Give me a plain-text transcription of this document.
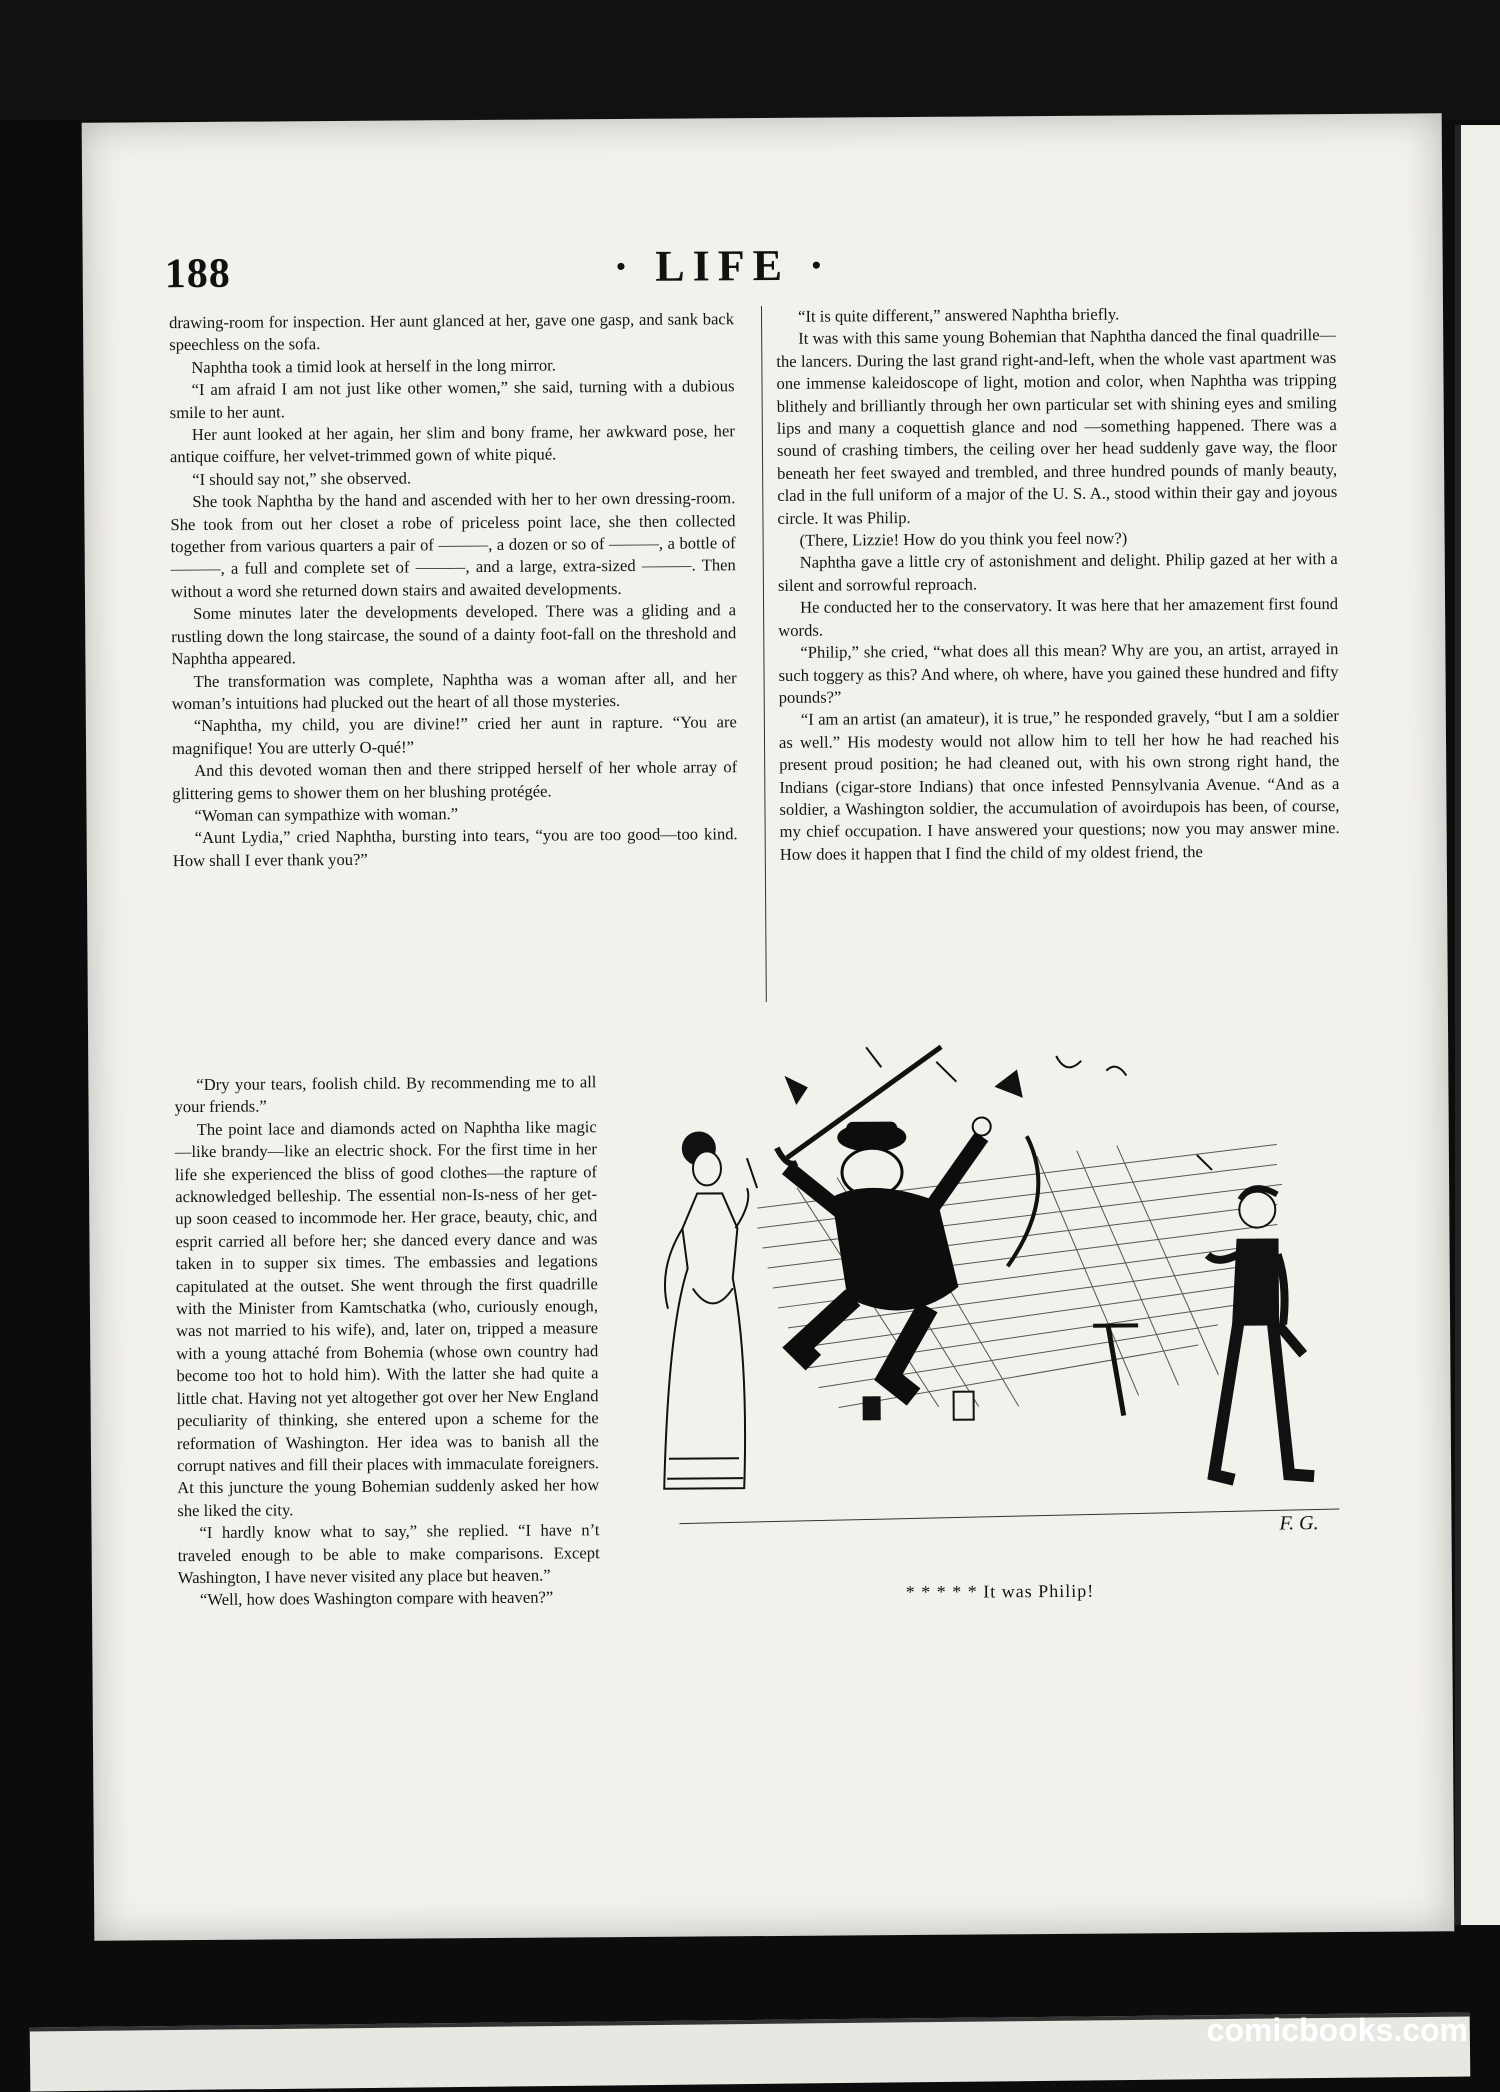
188	· LIFE ·

drawing-room for inspection. Her aunt glanced at her, gave one gasp, and sank back speechless on the sofa.

Naphtha took a timid look at herself in the long mirror.

“I am afraid I am not just like other women,” she said, turning with a dubious smile to her aunt.

Her aunt looked at her again, her slim and bony frame, her awkward pose, her antique coiffure, her velvet-trimmed gown of white piqué.

“I should say not,” she observed.

She took Naphtha by the hand and ascended with her to her own dressing-room. She took from out her closet a robe of priceless point lace, she then collected together from various quarters a pair of ———, a dozen or so of ———, a bottle of ———, a full and complete set of ———, and a large, extra-sized ———. Then without a word she returned down stairs and awaited developments.

Some minutes later the developments developed. There was a gliding and a rustling down the long staircase, the sound of a dainty foot-fall on the threshold and Naphtha appeared.

The transformation was complete, Naphtha was a woman after all, and her woman’s intuitions had plucked out the heart of all those mysteries.

“Naphtha, my child, you are divine!” cried her aunt in rapture. “You are magnifique! You are utterly O-qué!”

And this devoted woman then and there stripped herself of her whole array of glittering gems to shower them on her blushing protégée.

“Woman can sympathize with woman.”

“Aunt Lydia,” cried Naphtha, bursting into tears, “you are too good—too kind. How shall I ever thank you?”

“It is quite different,” answered Naphtha briefly.

It was with this same young Bohemian that Naphtha danced the final quadrille—the lancers. During the last grand right-and-left, when the whole vast apartment was one immense kaleidoscope of light, motion and color, when Naphtha was tripping blithely and brilliantly through her own particular set with shining eyes and smiling lips and many a coquettish glance and nod —something happened. There was a sound of crashing timbers, the ceiling over her head suddenly gave way, the floor beneath her feet swayed and trembled, and three hundred pounds of manly beauty, clad in the full uniform of a major of the U. S. A., stood within their gay and joyous circle. It was Philip.

(There, Lizzie! How do you think you feel now?)

Naphtha gave a little cry of astonishment and delight. Philip gazed at her with a silent and sorrowful reproach.

He conducted her to the conservatory. It was here that her amazement first found words.

“Philip,” she cried, “what does all this mean? Why are you, an artist, arrayed in such toggery as this? And where, oh where, have you gained these hundred and fifty pounds?”

“I am an artist (an amateur), it is true,” he responded gravely, “but I am a soldier as well.” His modesty would not allow him to tell her how he had reached his present proud position; he had cleaned out, with his own strong right hand, the Indians (cigar-store Indians) that once infested Pennsylvania Avenue. “And as a soldier, a Washington soldier, the accumulation of avoirdupois has been, of course, my chief occupation. I have answered your questions; now you may answer mine. How does it happen that I find the child of my oldest friend, the

“Dry your tears, foolish child. By recommending me to all your friends.”

The point lace and diamonds acted on Naphtha like magic—like brandy—like an electric shock. For the first time in her life she experienced the bliss of good clothes—the rapture of acknowledged belleship. The essential non-Is-ness of her get-up soon ceased to incommode her. Her grace, beauty, chic, and esprit carried all before her; she danced every dance and was taken in to supper six times. The embassies and legations capitulated at the outset. She went through the first quadrille with the Minister from Kamtschatka (who, curiously enough, was not married to his wife), and, later on, tripped a measure with a young attaché from Bohemia (whose own country had become too hot to hold him). With the latter she had quite a little chat. Having not yet altogether got over her New England peculiarity of thinking, she entered upon a scheme for the reformation of Washington. Her idea was to banish all the corrupt natives and fill their places with immaculate foreigners. At this juncture the young Bohemian suddenly asked her how she liked the city.

“I hardly know what to say,” she replied. “I have n’t traveled enough to be able to make comparisons. Except Washington, I have never visited any place but heaven.”

“Well, how does Washington compare with heaven?”

F. G.

* * * * * It was Philip!

comicbooks.com
